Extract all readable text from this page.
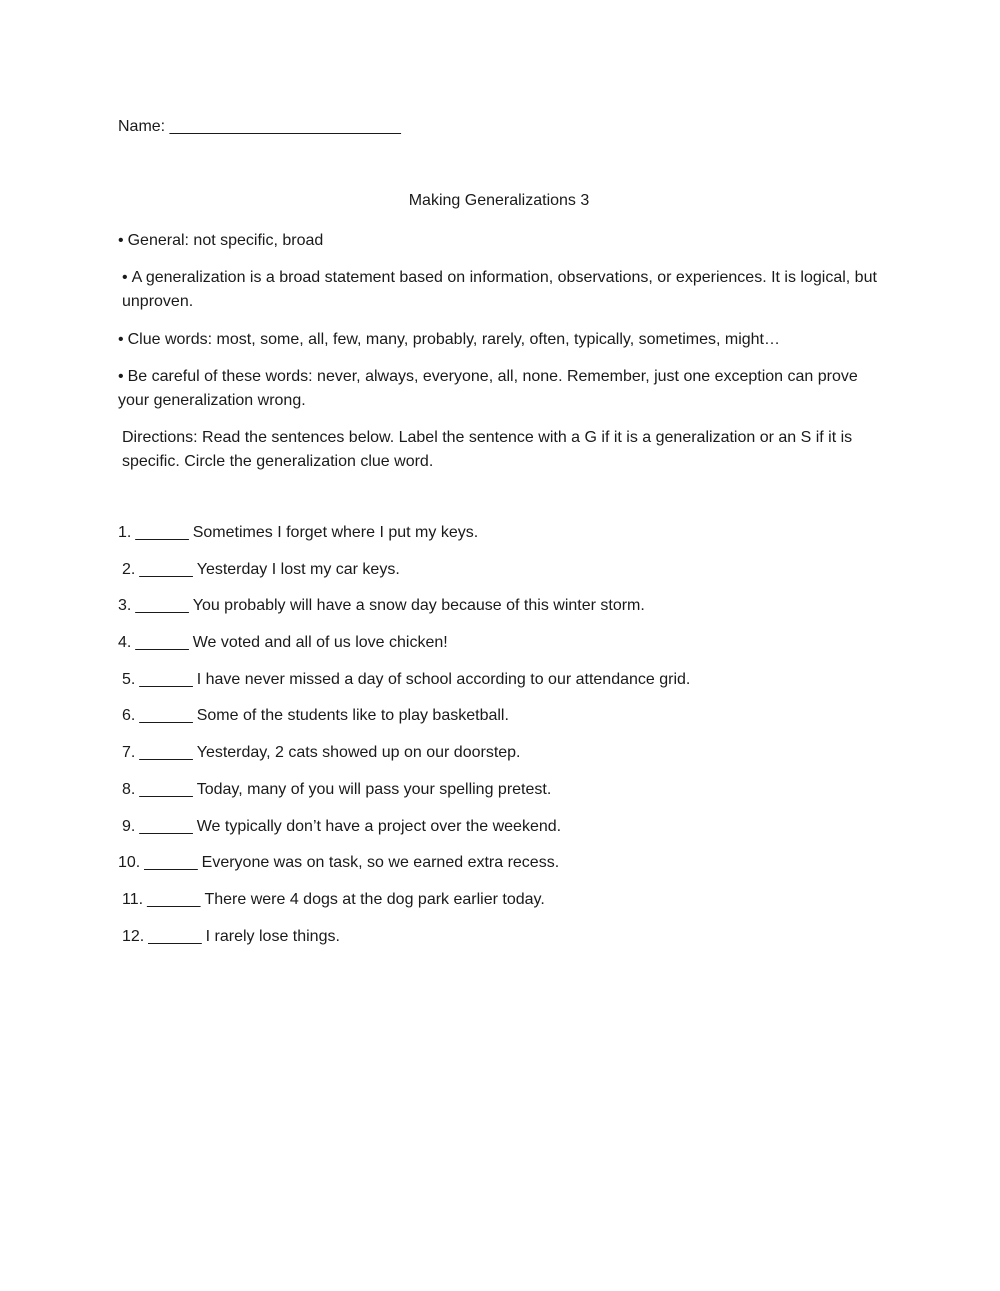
Name: __________________________
Making Generalizations 3
• General: not specific, broad
• A generalization is a broad statement based on information, observations, or experiences. It is logical, but unproven.
• Clue words: most, some, all, few, many, probably, rarely, often, typically, sometimes, might…
• Be careful of these words: never, always, everyone, all, none. Remember, just one exception can prove your generalization wrong.
Directions: Read the sentences below. Label the sentence with a G if it is a generalization or an S if it is specific. Circle the generalization clue word.
1. ______ Sometimes I forget where I put my keys.
2. ______ Yesterday I lost my car keys.
3. ______ You probably will have a snow day because of this winter storm.
4. ______ We voted and all of us love chicken!
5. ______ I have never missed a day of school according to our attendance grid.
6. ______ Some of the students like to play basketball.
7. ______ Yesterday, 2 cats showed up on our doorstep.
8. ______ Today, many of you will pass your spelling pretest.
9. ______ We typically don’t have a project over the weekend.
10. ______ Everyone was on task, so we earned extra recess.
11. ______ There were 4 dogs at the dog park earlier today.
12. ______ I rarely lose things.
